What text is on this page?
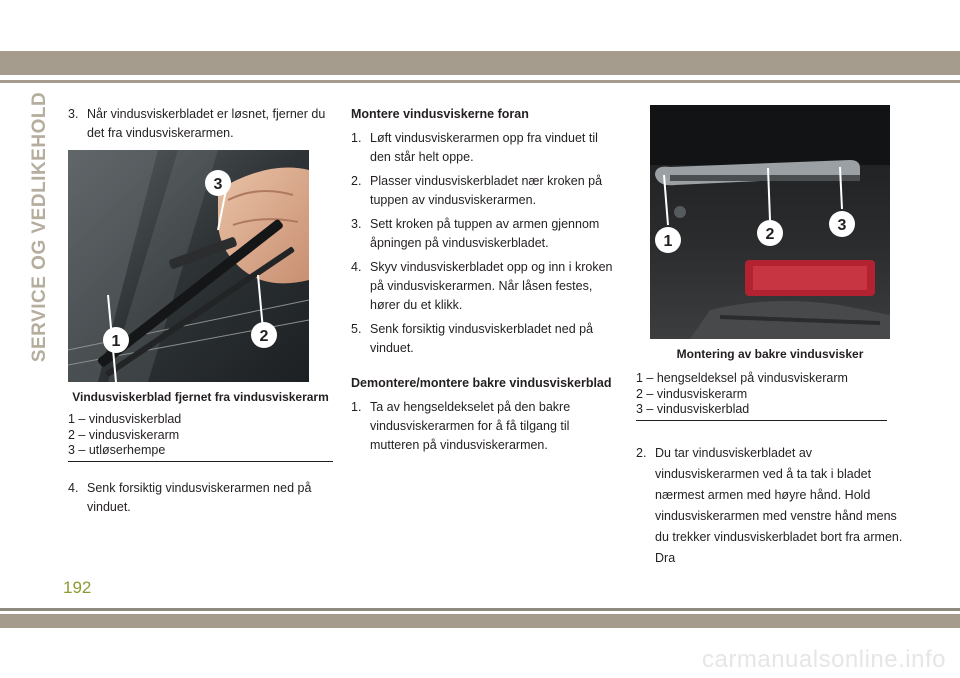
SERVICE OG VEDLIKEHOLD 3. Når vindusviskerbladet er løsnet, fjerner du det fra vindusviskerarmen.

1	2
3
Vindusviskerblad fjernet fra vindusviskerarm
1 – vindusviskerblad
2 – vindusviskerarm
3 – utløserhempe

4. Senk forsiktig vindusviskerarmen ned på vinduet.

Montere vindusviskerne foran

1. Løft vindusviskerarmen opp fra vinduet til den står helt oppe.

2. Plasser vindusviskerbladet nær kroken på tuppen av vindusviskerarmen.

3. Sett kroken på tuppen av armen gjennom åpningen på vindusviskerbladet.

4. Skyv vindusviskerbladet opp og inn i kroken på vindusviskerarmen. Når låsen festes, hører du et klikk.

5. Senk forsiktig vindusviskerbladet ned på vinduet.

Demontere/montere bakre vindusviskerblad

1. Ta av hengseldekselet på den bakre vindusviskerarmen for å få tilgang til mutteren på vindusviskerarmen.

1	2
3
Montering av bakre vindusvisker
1 – hengseldeksel på vindusviskerarm
2 – vindusviskerarm
3 – vindusviskerblad

2. Du tar vindusviskerbladet av vindusviskerarmen ved å ta tak i bladet nærmest armen med høyre hånd. Hold vindusviskerarmen med venstre hånd mens du trekker vindusviskerbladet bort fra armen. Dra

192
carmanualsonline.info
